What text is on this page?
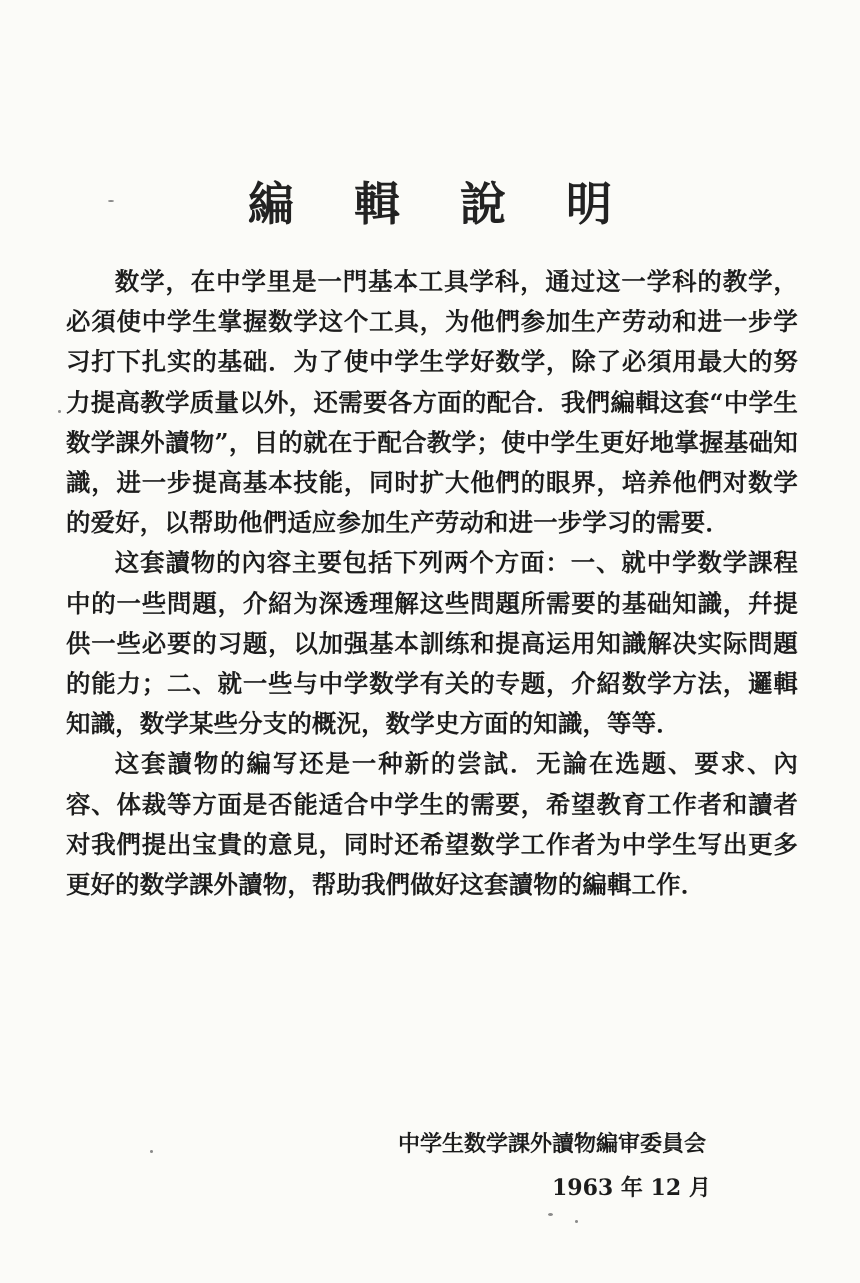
編 輯 說 明

数学，在中学里是一門基本工具学科，通过这一学科的教学，必須使中学生掌握数学这个工具，为他們参加生产劳动和进一步学习打下扎实的基础．为了使中学生学好数学，除了必須用最大的努力提高教学质量以外，还需要各方面的配合．我們編輯这套“中学生数学課外讀物”，目的就在于配合教学；使中学生更好地掌握基础知識，进一步提高基本技能，同时扩大他們的眼界，培养他們对数学的爱好，以帮助他們适应参加生产劳动和进一步学习的需要．

这套讀物的內容主要包括下列两个方面：一、就中学数学課程中的一些問題，介紹为深透理解这些問題所需要的基础知識，幷提供一些必要的习题，以加强基本訓练和提高运用知識解决实际問題的能力；二、就一些与中学数学有关的专题，介紹数学方法，邏輯知識，数学某些分支的概況，数学史方面的知識，等等．

这套讀物的編写还是一种新的尝試．无論在选题、要求、內容、体裁等方面是否能适合中学生的需要，希望教育工作者和讀者对我們提出宝貴的意見，同时还希望数学工作者为中学生写出更多更好的数学課外讀物，帮助我們做好这套讀物的編輯工作．

中学生数学課外讀物編审委員会
1963 年 12 月
